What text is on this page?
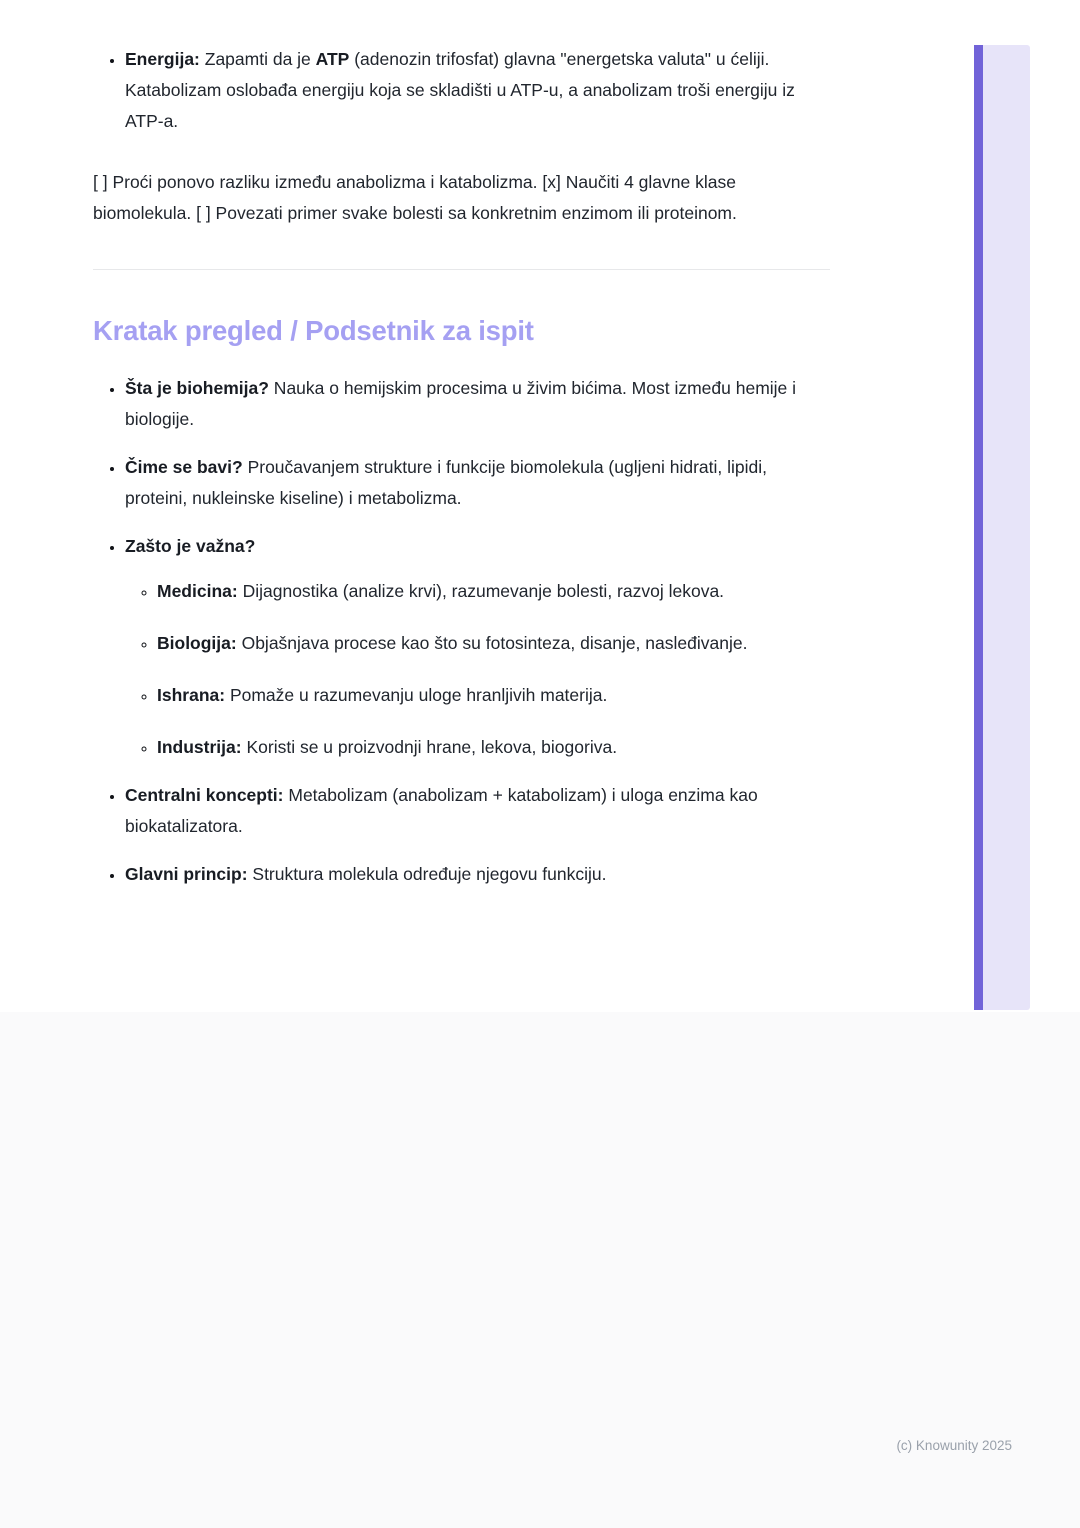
• Energija: Zapamti da je ATP (adenozin trifosfat) glavna "energetska valuta" u ćeliji. Katabolizam oslobađa energiju koja se skladišti u ATP-u, a anabolizam troši energiju iz ATP-a.

[ ] Proći ponovo razliku između anabolizma i katabolizma. [x] Naučiti 4 glavne klase biomolekula. [ ] Povezati primer svake bolesti sa konkretnim enzimom ili proteinom.

Kratak pregled / Podsetnik za ispit
• Šta je biohemija? Nauka o hemijskim procesima u živim bićima. Most između hemije i biologije.
• Čime se bavi? Proučavanjem strukture i funkcije biomolekula (ugljeni hidrati, lipidi, proteini, nukleinske kiseline) i metabolizma.
• Zašto je važna?
◦ Medicina: Dijagnostika (analize krvi), razumevanje bolesti, razvoj lekova.
◦ Biologija: Objašnjava procese kao što su fotosinteza, disanje, nasleđivanje.
◦ Ishrana: Pomaže u razumevanju uloge hranljivih materija.
◦ Industrija: Koristi se u proizvodnji hrane, lekova, biogoriva.
• Centralni koncepti: Metabolizam (anabolizam + katabolizam) i uloga enzima kao biokatalizatora.
• Glavni princip: Struktura molekula određuje njegovu funkciju.
(c) Knowunity 2025
